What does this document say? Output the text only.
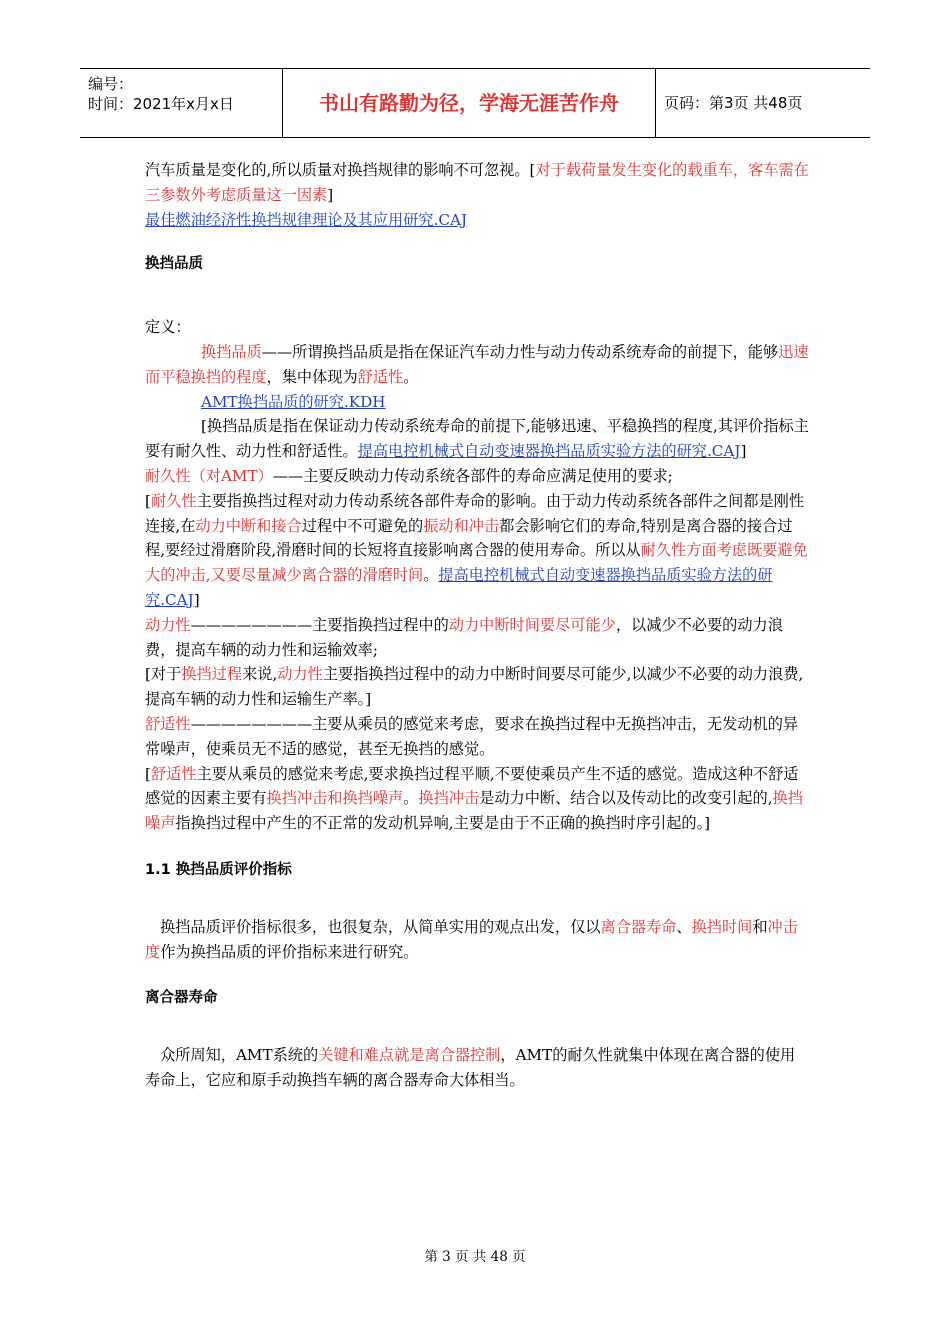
编号：
时间：2021年x月x日	书山有路勤为径，学海无涯苦作舟	页码：第3页 共48页

汽车质量是变化的,所以质量对换挡规律的影响不可忽视。[对于载荷量发生变化的载重车，客车需在三参数外考虑质量这一因素]

最佳燃油经济性换挡规律理论及其应用研究.CAJ

换挡品质

定义：

换挡品质——所谓换挡品质是指在保证汽车动力性与动力传动系统寿命的前提下，能够迅速而平稳换挡的程度，集中体现为舒适性。

AMT换挡品质的研究.KDH

[换挡品质是指在保证动力传动系统寿命的前提下,能够迅速、平稳换挡的程度,其评价指标主要有耐久性、动力性和舒适性。提高电控机械式自动变速器换挡品质实验方法的研究.CAJ]

耐久性（对AMT）——主要反映动力传动系统各部件的寿命应满足使用的要求;

[耐久性主要指换挡过程对动力传动系统各部件寿命的影响。由于动力传动系统各部件之间都是刚性连接,在动力中断和接合过程中不可避免的振动和冲击都会影响它们的寿命,特别是离合器的接合过程,要经过滑磨阶段,滑磨时间的长短将直接影响离合器的使用寿命。所以从耐久性方面考虑既要避免大的冲击,又要尽量减少离合器的滑磨时间。提高电控机械式自动变速器换挡品质实验方法的研究.CAJ]

动力性————————主要指换挡过程中的动力中断时间要尽可能少，以减少不必要的动力浪费，提高车辆的动力性和运输效率;

[对于换挡过程来说,动力性主要指换挡过程中的动力中断时间要尽可能少,以减少不必要的动力浪费,提高车辆的动力性和运输生产率。]

舒适性————————主要从乘员的感觉来考虑，要求在换挡过程中无换挡冲击，无发动机的异常噪声，使乘员无不适的感觉，甚至无换挡的感觉。

[舒适性主要从乘员的感觉来考虑,要求换挡过程平顺,不要使乘员产生不适的感觉。造成这种不舒适感觉的因素主要有换挡冲击和换挡噪声。换挡冲击是动力中断、结合以及传动比的改变引起的,换挡噪声指换挡过程中产生的不正常的发动机异响,主要是由于不正确的换挡时序引起的。]

1.1 换挡品质评价指标

换挡品质评价指标很多，也很复杂，从简单实用的观点出发，仅以离合器寿命、换挡时间和冲击度作为换挡品质的评价指标来进行研究。

离合器寿命

众所周知，AMT系统的关键和难点就是离合器控制，AMT的耐久性就集中体现在离合器的使用寿命上，它应和原手动换挡车辆的离合器寿命大体相当。

第 3 页 共 48 页
